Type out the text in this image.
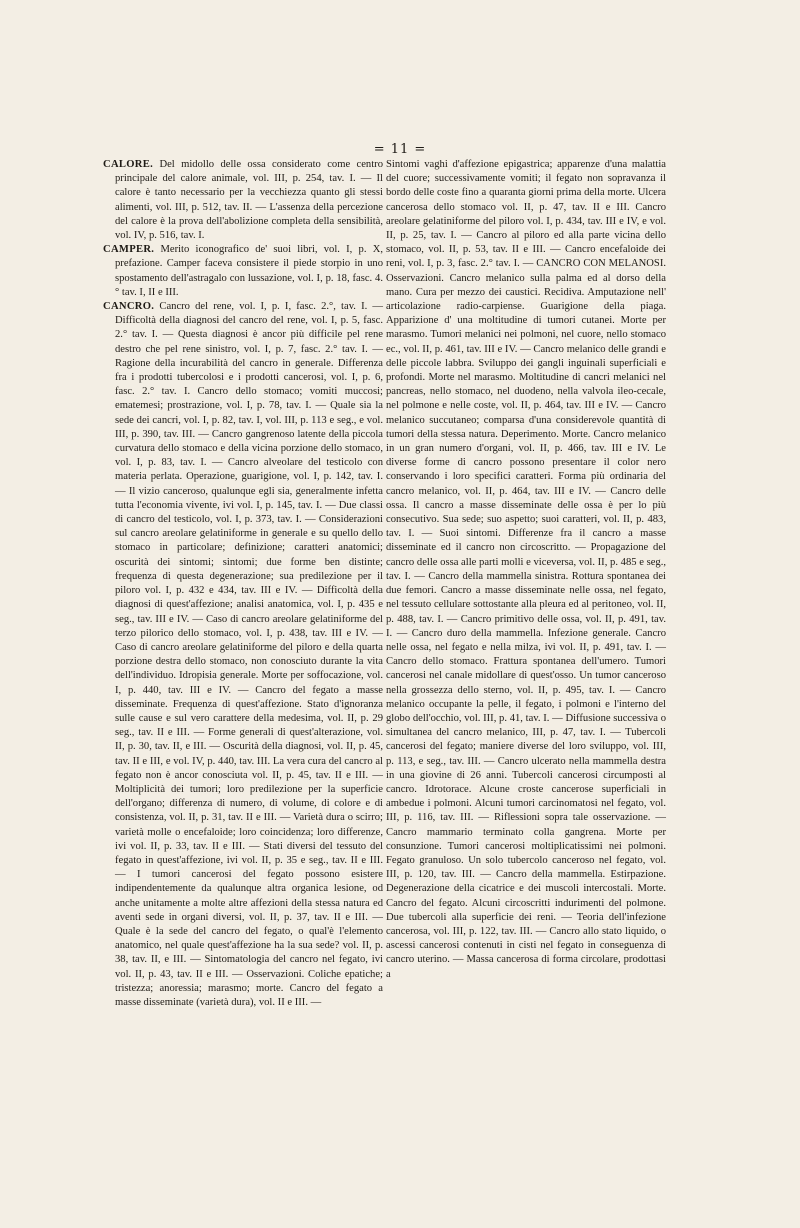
= 11 =

CALORE. Del midollo delle ossa considerato come centro principale del calore animale, vol. III, p. 254, tav. I. — Il calore è tanto necessario per la vecchiezza quanto gli stessi alimenti, vol. III, p. 512, tav. II. — L'assenza della percezione del calore è la prova dell'abolizione completa della sensibilità, vol. IV, p. 516, tav. I.

CAMPER. Merito iconografico de' suoi libri, vol. I, p. X, prefazione. Camper faceva consistere il piede storpio in uno spostamento dell'astragalo con lussazione, vol. I, p. 18, fasc. 4.° tav. I, II e III.

CANCRO. Cancro del rene, vol. I, p. I, fasc. 2.°, tav. I. — Difficoltà della diagnosi del cancro del rene, vol. I, p. 5, fasc. 2.° tav. I. — Questa diagnosi è ancor più difficile pel rene destro che pel rene sinistro, vol. I, p. 7, fasc. 2.° tav. I. — Ragione della incurabilità del cancro in generale. Differenza fra i prodotti tubercolosi e i prodotti cancerosi, vol. I, p. 6, fasc. 2.° tav. I. Cancro dello stomaco; vomiti muccosi; ematemesi; prostrazione, vol. I, p. 78, tav. I. — Quale sia la sede dei cancri, vol. I, p. 82, tav. I, vol. III, p. 113 e seg., e vol. III, p. 390, tav. III. — Cancro gangrenoso latente della piccola curvatura dello stomaco e della vicina porzione dello stomaco, vol. I, p. 83, tav. I. — Cancro alveolare del testicolo con materia perlata. Operazione, guarigione, vol. I, p. 142, tav. I. — Il vizio canceroso, qualunque egli sia, generalmente infetta tutta l'economia vivente, ivi vol. I, p. 145, tav. I. — Due classi di cancro del testicolo, vol. I, p. 373, tav. I. — Considerazioni sul cancro areolare gelatiniforme in generale e su quello dello stomaco in particolare; definizione; caratteri anatomici; oscurità dei sintomi; sintomi; due forme ben distinte; frequenza di questa degenerazione; sua predilezione per il piloro vol. I, p. 432 e 434, tav. III e IV. — Difficoltà della diagnosi di quest'affezione; analisi anatomica, vol. I, p. 435 e seg., tav. III e IV. — Caso di cancro areolare gelatiniforme del terzo pilorico dello stomaco, vol. I, p. 438, tav. III e IV. — Caso di cancro areolare gelatiniforme del piloro e della quarta porzione destra dello stomaco, non conosciuto durante la vita dell'individuo. Idropisia generale. Morte per soffocazione, vol. I, p. 440, tav. III e IV. — Cancro del fegato a masse disseminate. Frequenza di quest'affezione. Stato d'ignoranza sulle cause e sul vero carattere della medesima, vol. II, p. 29 seg., tav. II e III. — Forme generali di quest'alterazione, vol. II, p. 30, tav. II, e III. — Oscurità della diagnosi, vol. II, p. 45, tav. II e III, e vol. IV, p. 440, tav. III. La vera cura del cancro al fegato non è ancor conosciuta vol. II, p. 45, tav. II e III. — Moltiplicità dei tumori; loro predilezione per la superficie dell'organo; differenza di numero, di volume, di colore e di consistenza, vol. II, p. 31, tav. II e III. — Varietà dura o scirro; varietà molle o encefaloide; loro coincidenza; loro differenze, ivi vol. II, p. 33, tav. II e III. — Stati diversi del tessuto del fegato in quest'affezione, ivi vol. II, p. 35 e seg., tav. II e III. — I tumori cancerosi del fegato possono esistere indipendentemente da qualunque altra organica lesione, od anche unitamente a molte altre affezioni della stessa natura ed aventi sede in organi diversi, vol. II, p. 37, tav. II e III. — Quale è la sede del cancro del fegato, o qual'è l'elemento anatomico, nel quale quest'affezione ha la sua sede? vol. II, p. 38, tav. II, e III. — Sintomatologia del cancro nel fegato, ivi vol. II, p. 43, tav. II e III. — Osservazioni. Coliche epatiche; tristezza; anoressia; marasmo; morte. Cancro del fegato a masse disseminate (varietà dura), vol. II e III. —

Sintomi vaghi d'affezione epigastrica; apparenze d'una malattia del cuore; successivamente vomiti; il fegato non sopravanza il bordo delle coste fino a quaranta giorni prima della morte. Ulcera cancerosa dello stomaco vol. II, p. 47, tav. II e III. Cancro areolare gelatiniforme del piloro vol. I, p. 434, tav. III e IV, e vol. II, p. 25, tav. I. — Cancro al piloro ed alla parte vicina dello stomaco, vol. II, p. 53, tav. II e III. — Cancro encefaloide dei reni, vol. I, p. 3, fasc. 2.° tav. I. — CANCRO CON MELANOSI. Osservazioni. Cancro melanico sulla palma ed al dorso della mano. Cura per mezzo dei caustici. Recidiva. Amputazione nell' articolazione radio-carpiense. Guarigione della piaga. Apparizione d' una moltitudine di tumori cutanei. Morte per marasmo. Tumori melanici nei polmoni, nel cuore, nello stomaco ec., vol. II, p. 461, tav. III e IV. — Cancro melanico delle grandi e delle piccole labbra. Sviluppo dei gangli inguinali superficiali e profondi. Morte nel marasmo. Moltitudine di cancri melanici nel pancreas, nello stomaco, nel duodeno, nella valvola ileo-cecale, nel polmone e nelle coste, vol. II, p. 464, tav. III e IV. — Cancro melanico succutaneo; comparsa d'una considerevole quantità di tumori della stessa natura. Deperimento. Morte. Cancro melanico in un gran numero d'organi, vol. II, p. 466, tav. III e IV. Le diverse forme di cancro possono presentare il color nero conservando i loro specifici caratteri. Forma più ordinaria del cancro melanico, vol. II, p. 464, tav. III e IV. — Cancro delle ossa. Il cancro a masse disseminate delle ossa è per lo più consecutivo. Sua sede; suo aspetto; suoi caratteri, vol. II, p. 483, tav. I. — Suoi sintomi. Differenze fra il cancro a masse disseminate ed il cancro non circoscritto. — Propagazione del cancro delle ossa alle parti molli e viceversa, vol. II, p. 485 e seg., tav. I. — Cancro della mammella sinistra. Rottura spontanea dei due femori. Cancro a masse disseminate nelle ossa, nel fegato, nel tessuto cellulare sottostante alla pleura ed al peritoneo, vol. II, p. 488, tav. I. — Cancro primitivo delle ossa, vol. II, p. 491, tav. I. — Cancro duro della mammella. Infezione generale. Cancro nelle ossa, nel fegato e nella milza, ivi vol. II, p. 491, tav. I. — Cancro dello stomaco. Frattura spontanea dell'umero. Tumori cancerosi nel canale midollare di quest'osso. Un tumor canceroso nella grossezza dello sterno, vol. II, p. 495, tav. I. — Cancro melanico occupante la pelle, il fegato, i polmoni e l'interno del globo dell'occhio, vol. III, p. 41, tav. I. — Diffusione successiva o simultanea del cancro melanico, III, p. 47, tav. I. — Tubercoli cancerosi del fegato; maniere diverse del loro sviluppo, vol. III, p. 113, e seg., tav. III. — Cancro ulcerato nella mammella destra in una giovine di 26 anni. Tubercoli cancerosi circumposti al cancro. Idrotorace. Alcune croste cancerose superficiali in ambedue i polmoni. Alcuni tumori carcinomatosi nel fegato, vol. III, p. 116, tav. III. — Riflessioni sopra tale osservazione. — Cancro mammario terminato colla gangrena. Morte per consunzione. Tumori cancerosi moltiplicatissimi nei polmoni. Fegato granuloso. Un solo tubercolo canceroso nel fegato, vol. III, p. 120, tav. III. — Cancro della mammella. Estirpazione. Degenerazione della cicatrice e dei muscoli intercostali. Morte. Cancro del fegato. Alcuni circoscritti indurimenti del polmone. Due tubercoli alla superficie dei reni. — Teoria dell'infezione cancerosa, vol. III, p. 122, tav. III. — Cancro allo stato liquido, o ascessi cancerosi contenuti in cisti nel fegato in conseguenza di cancro uterino. — Massa cancerosa di forma circolare, prodottasi a
